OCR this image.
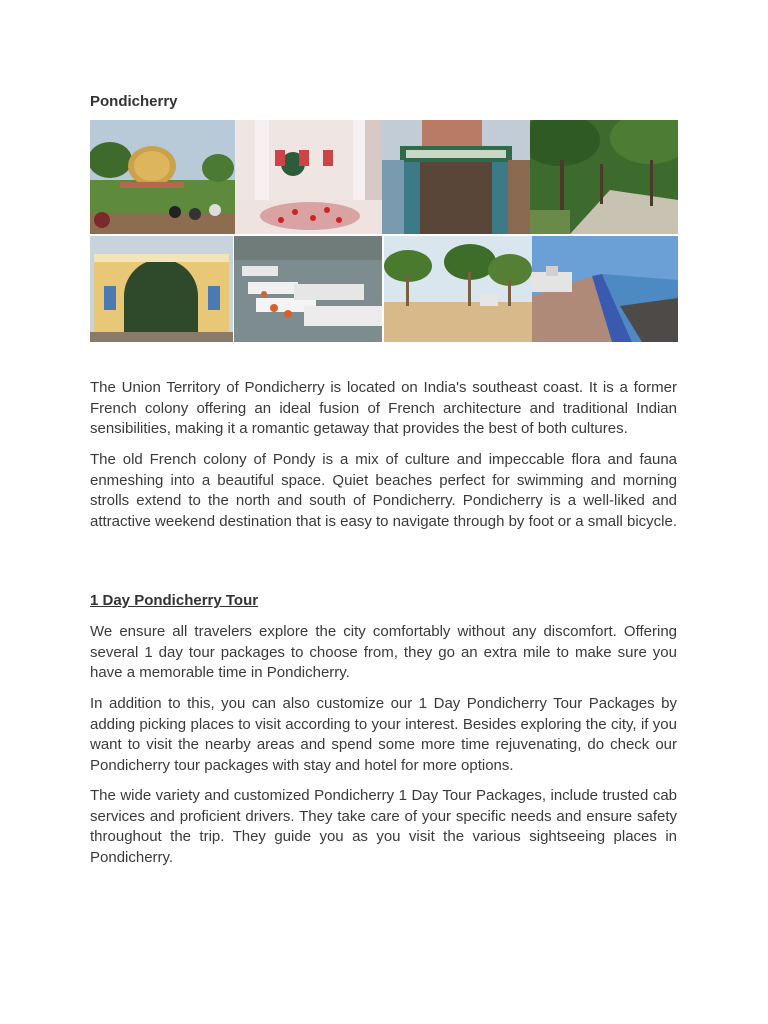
Pondicherry

The Union Territory of Pondicherry is located on India's southeast coast. It is a former French colony offering an ideal fusion of French architecture and traditional Indian sensibilities, making it a romantic getaway that provides the best of both cultures.

The old French colony of Pondy is a mix of culture and impeccable flora and fauna enmeshing into a beautiful space. Quiet beaches perfect for swimming and morning strolls extend to the north and south of Pondicherry. Pondicherry is a well-liked and attractive weekend destination that is easy to navigate through by foot or a small bicycle.

1 Day Pondicherry Tour

We ensure all travelers explore the city comfortably without any discomfort. Offering several 1 day tour packages to choose from, they go an extra mile to make sure you have a memorable time in Pondicherry.

In addition to this, you can also customize our 1 Day Pondicherry Tour Packages by adding picking places to visit according to your interest. Besides exploring the city, if you want to visit the nearby areas and spend some more time rejuvenating, do check our Pondicherry tour packages with stay and hotel for more options.

The wide variety and customized Pondicherry 1 Day Tour Packages, include trusted cab services and proficient drivers. They take care of your specific needs and ensure safety throughout the trip. They guide you as you visit the various sightseeing places in Pondicherry.
